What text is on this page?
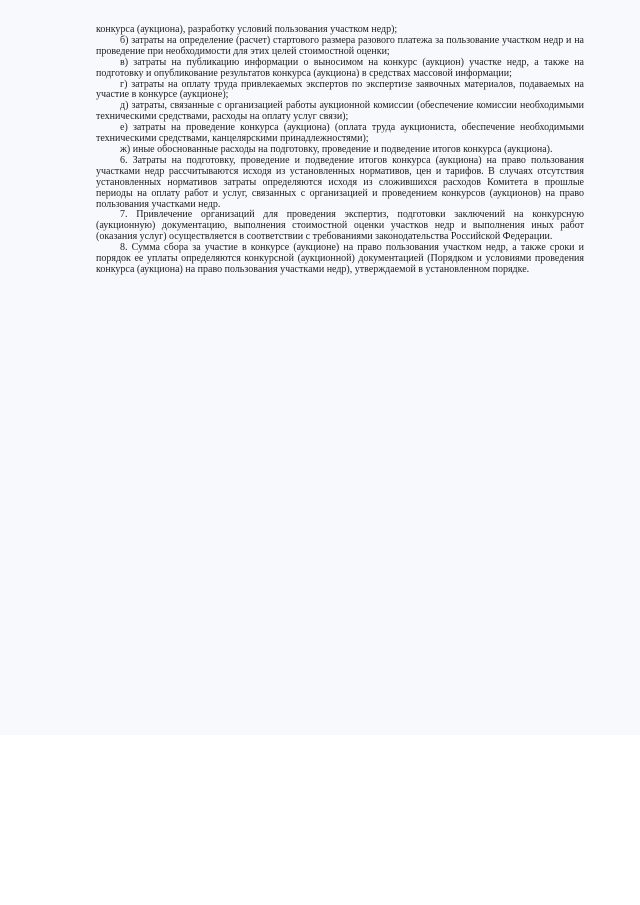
конкурса (аукциона), разработку условий пользования участком недр);

б) затраты на определение (расчет) стартового размера разового платежа за пользование участком недр и на проведение при необходимости для этих целей стоимостной оценки;

в) затраты на публикацию информации о выносимом на конкурс (аукцион) участке недр, а также на подготовку и опубликование результатов конкурса (аукциона) в средствах массовой информации;

г) затраты на оплату труда привлекаемых экспертов по экспертизе заявочных материалов, подаваемых на участие в конкурсе (аукционе);

д) затраты, связанные с организацией работы аукционной комиссии (обеспечение комиссии необходимыми техническими средствами, расходы на оплату услуг связи);

е) затраты на проведение конкурса (аукциона) (оплата труда аукциониста, обеспечение необходимыми техническими средствами, канцелярскими принадлежностями);

ж) иные обоснованные расходы на подготовку, проведение и подведение итогов конкурса (аукциона).

6. Затраты на подготовку, проведение и подведение итогов конкурса (аукциона) на право пользования участками недр рассчитываются исходя из установленных нормативов, цен и тарифов. В случаях отсутствия установленных нормативов затраты определяются исходя из сложившихся расходов Комитета в прошлые периоды на оплату работ и услуг, связанных с организацией и проведением конкурсов (аукционов) на право пользования участками недр.

7. Привлечение организаций для проведения экспертиз, подготовки заключений на конкурсную (аукционную) документацию, выполнения стоимостной оценки участков недр и выполнения иных работ (оказания услуг) осуществляется в соответствии с требованиями законодательства Российской Федерации.

8. Сумма сбора за участие в конкурсе (аукционе) на право пользования участком недр, а также сроки и порядок ее уплаты определяются конкурсной (аукционной) документацией (Порядком и условиями проведения конкурса (аукциона) на право пользования участками недр), утверждаемой в установленном порядке.
